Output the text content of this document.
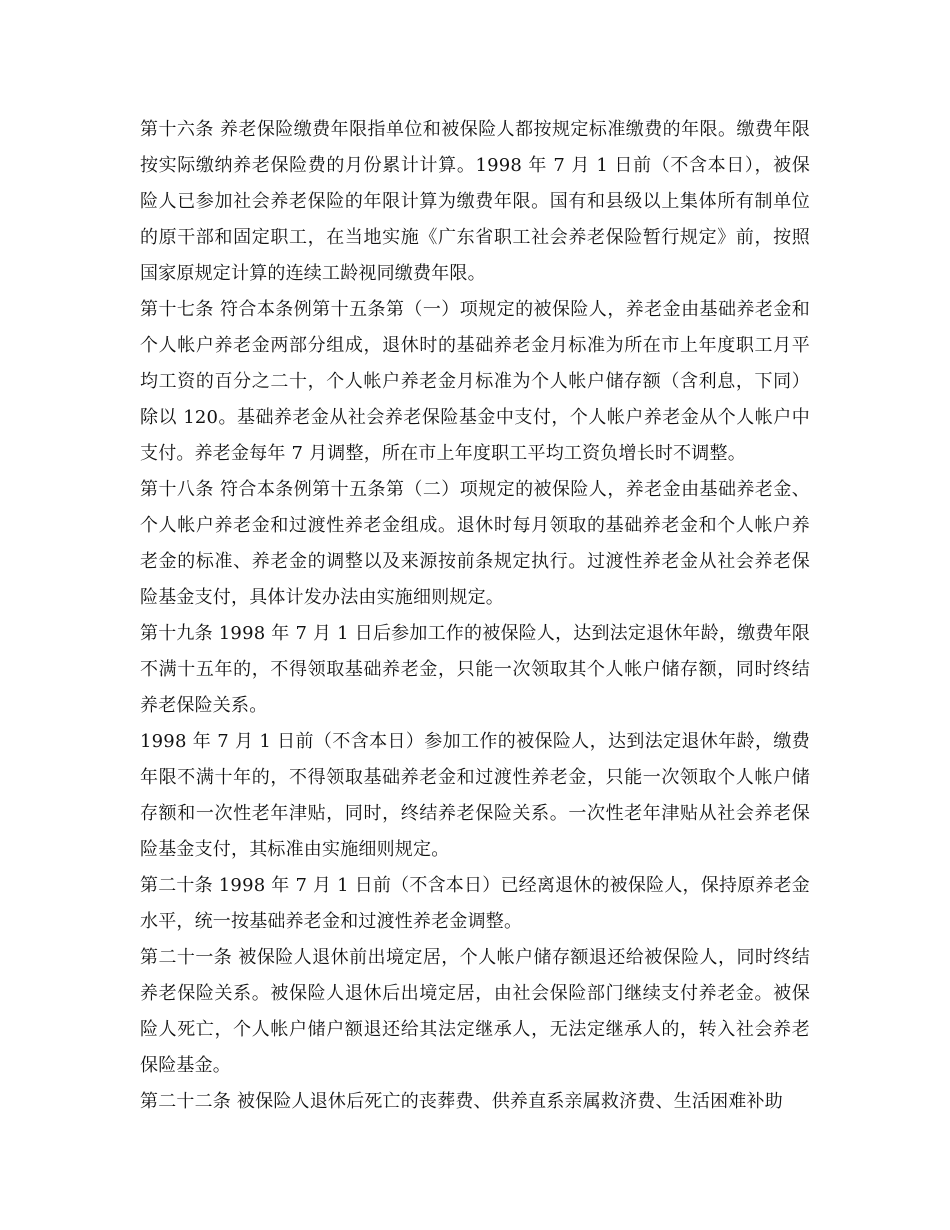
第十六条 养老保险缴费年限指单位和被保险人都按规定标准缴费的年限。缴费年限按实际缴纳养老保险费的月份累计计算。1998 年 7 月 1 日前（不含本日），被保险人已参加社会养老保险的年限计算为缴费年限。国有和县级以上集体所有制单位的原干部和固定职工，在当地实施《广东省职工社会养老保险暂行规定》前，按照国家原规定计算的连续工龄视同缴费年限。

第十七条 符合本条例第十五条第（一）项规定的被保险人，养老金由基础养老金和个人帐户养老金两部分组成，退休时的基础养老金月标准为所在市上年度职工月平均工资的百分之二十，个人帐户养老金月标准为个人帐户储存额（含利息，下同）除以 120。基础养老金从社会养老保险基金中支付，个人帐户养老金从个人帐户中支付。养老金每年 7 月调整，所在市上年度职工平均工资负增长时不调整。

第十八条 符合本条例第十五条第（二）项规定的被保险人，养老金由基础养老金、个人帐户养老金和过渡性养老金组成。退休时每月领取的基础养老金和个人帐户养老金的标准、养老金的调整以及来源按前条规定执行。过渡性养老金从社会养老保险基金支付，具体计发办法由实施细则规定。

第十九条 1998 年 7 月 1 日后参加工作的被保险人，达到法定退休年龄，缴费年限不满十五年的，不得领取基础养老金，只能一次领取其个人帐户储存额，同时终结养老保险关系。

1998 年 7 月 1 日前（不含本日）参加工作的被保险人，达到法定退休年龄，缴费年限不满十年的，不得领取基础养老金和过渡性养老金，只能一次领取个人帐户储存额和一次性老年津贴，同时，终结养老保险关系。一次性老年津贴从社会养老保险基金支付，其标准由实施细则规定。

第二十条 1998 年 7 月 1 日前（不含本日）已经离退休的被保险人，保持原养老金水平，统一按基础养老金和过渡性养老金调整。

第二十一条 被保险人退休前出境定居，个人帐户储存额退还给被保险人，同时终结养老保险关系。被保险人退休后出境定居，由社会保险部门继续支付养老金。被保险人死亡，个人帐户储户额退还给其法定继承人，无法定继承人的，转入社会养老保险基金。

第二十二条 被保险人退休后死亡的丧葬费、供养直系亲属救济费、生活困难补助
